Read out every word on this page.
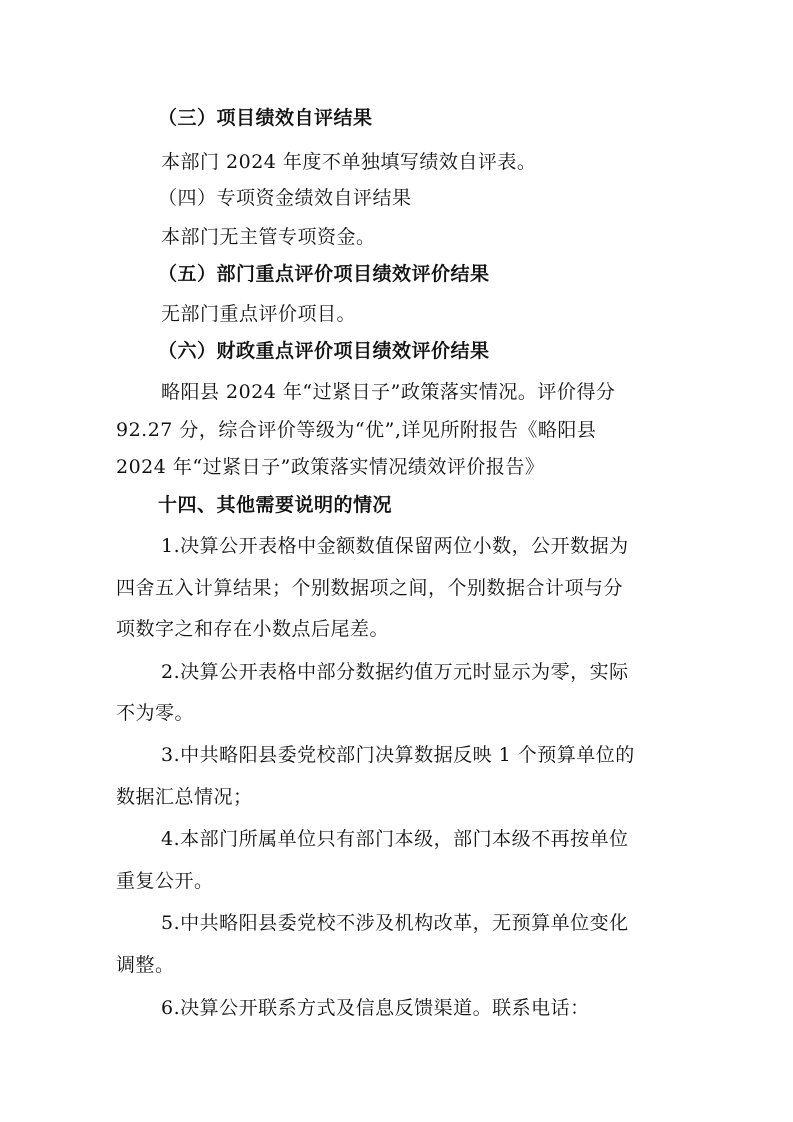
（三）项目绩效自评结果
本部门 2024 年度不单独填写绩效自评表。
（四）专项资金绩效自评结果
本部门无主管专项资金。
（五）部门重点评价项目绩效评价结果
无部门重点评价项目。
（六）财政重点评价项目绩效评价结果
略阳县 2024 年“过紧日子”政策落实情况。评价得分
92.27 分，综合评价等级为“优”,详见所附报告《略阳县
2024 年“过紧日子”政策落实情况绩效评价报告》
十四、其他需要说明的情况
1.决算公开表格中金额数值保留两位小数，公开数据为
四舍五入计算结果；个别数据项之间，个别数据合计项与分
项数字之和存在小数点后尾差。
2.决算公开表格中部分数据约值万元时显示为零，实际
不为零。
3.中共略阳县委党校部门决算数据反映 1 个预算单位的
数据汇总情况；
4.本部门所属单位只有部门本级，部门本级不再按单位
重复公开。
5.中共略阳县委党校不涉及机构改革，无预算单位变化
调整。
6.决算公开联系方式及信息反馈渠道。联系电话：
